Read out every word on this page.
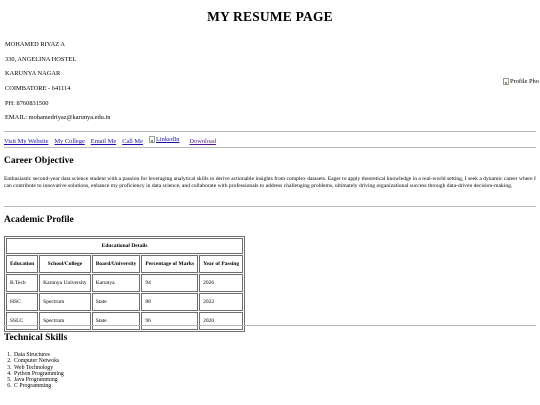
MY RESUME PAGE
MOHAMED RIYAZ A
330, ANGELINA HOSTEL
KARUNYA NAGAR
COIMBATORE - 641114
PH: 8760831500
EMAIL: mohamedriyaz@karunya.edu.in
Profile Pho
Visit My Website My College Email Me Call Me LinkedIn Download
Career Objective
Enthusiastic second-year data science student with a passion for leveraging analytical skills to derive actionable insights from complex datasets. Eager to apply theoretical knowledge in a real-world setting, I seek a dynamic career where I can contribute to innovative solutions, enhance my proficiency in data science, and collaborate with professionals to address challenging problems, ultimately driving organizational success through data-driven decision-making.
Academic Profile
Educational Details				
Education	School/College	Board/University	Percentage of Marks	Year of Passing
B.Tech	Karunya University	Karunya	94	2026
HSC	Spectrum	State	88	2022
SSLC	Spectrum	State	96	2020
Technical Skills
1. Data Structures
2. Computer Netwoks
3. Web Technology
4. Python Programming
5. Java Programming
6. C Programming
